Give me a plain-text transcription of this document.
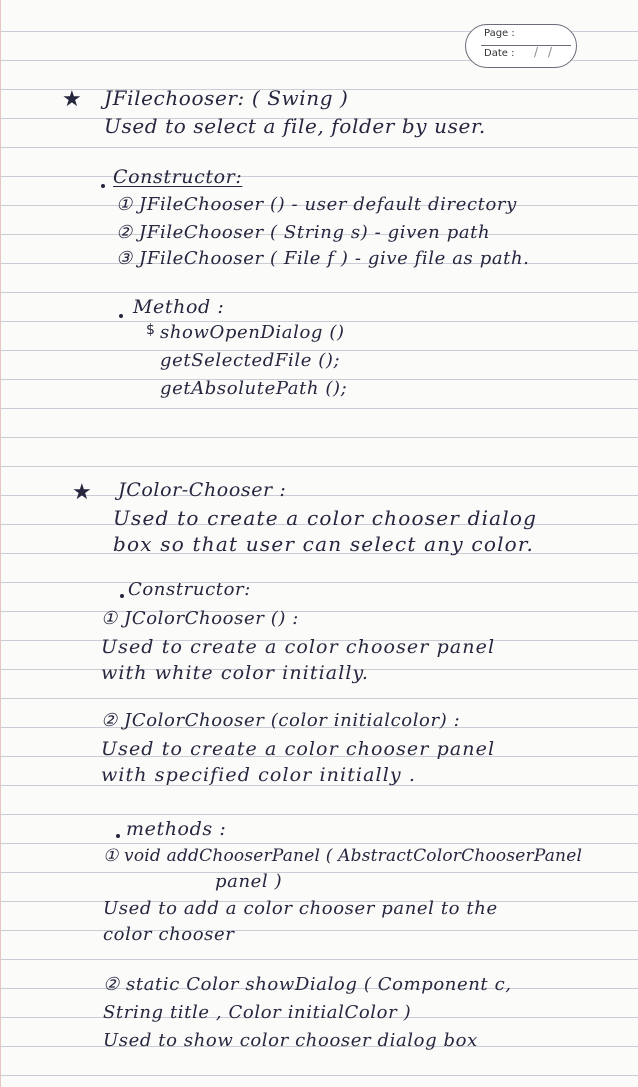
Page :
Date : / /
★ JFilechooser: ( Swing )
Used to select a file, folder by user.
Constructor:
① JFileChooser () - user default directory
② JFileChooser ( String s) - given path
③ JFileChooser ( File f ) - give file as path.
Method :
$ showOpenDialog ()
getSelectedFile ();
getAbsolutePath ();
★ JColor-Chooser :
Used to create a color chooser dialog
box so that user can select any color.
Constructor:
① JColorChooser () :
Used to create a color chooser panel
with white color initially.
② JColorChooser (color initialcolor) :
Used to create a color chooser panel
with specified color initially .
methods :
① void addChooserPanel ( AbstractColorChooserPanel
panel )
Used to add a color chooser panel to the
color chooser
② static Color showDialog ( Component c,
String title , Color initialColor )
Used to show color chooser dialog box
